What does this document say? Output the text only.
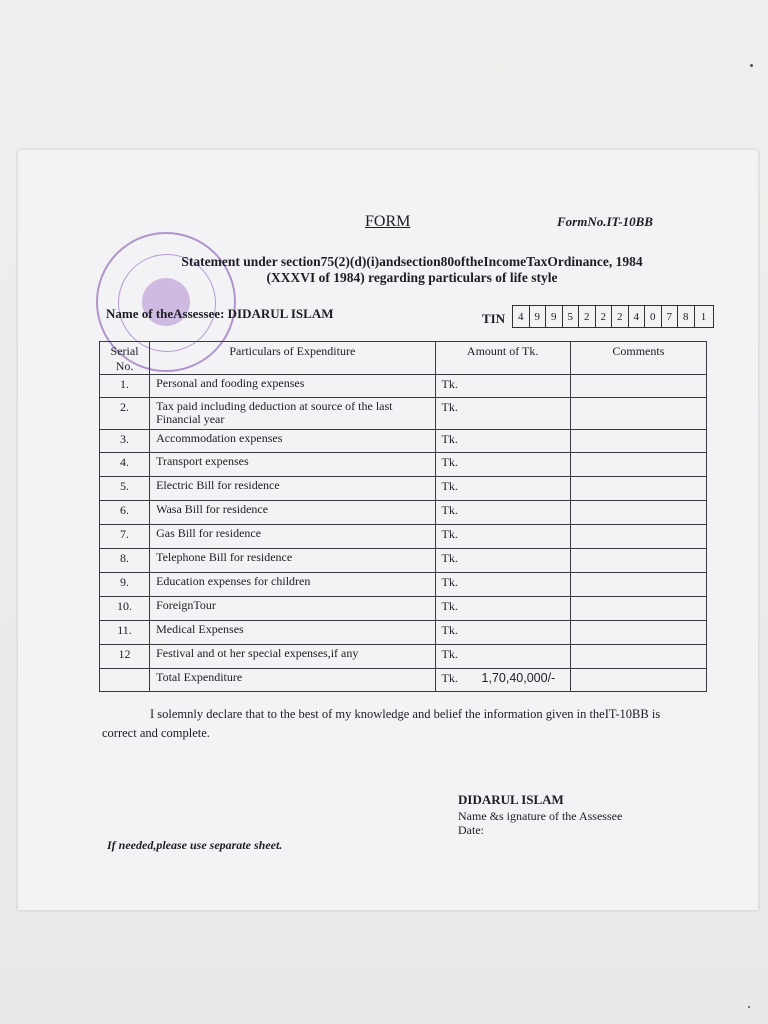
FORM	FormNo.IT-10BB
Statement under section75(2)(d)(i)andsection80oftheIncomeTaxOrdinance, 1984
(XXXVI of 1984) regarding particulars of life style
Name of theAssessee: DIDARUL ISLAM	TIN	4	9	9	5	2	2	2	4	0	7	8	1
Serial No.	Particulars of Expenditure	Amount of Tk.	Comments
1.	Personal and fooding expenses	Tk.	
2.	Tax paid including deduction at source of the last Financial year	Tk.	
3.	Accommodation expenses	Tk.	
4.	Transport expenses	Tk.	
5.	Electric Bill for residence	Tk.	
6.	Wasa Bill for residence	Tk.	
7.	Gas Bill for residence	Tk.	
8.	Telephone Bill for residence	Tk.	
9.	Education expenses for children	Tk.	
10.	ForeignTour	Tk.	
11.	Medical Expenses	Tk.	
12	Festival and ot her special expenses,if any	Tk.	
	Total Expenditure	Tk. 1,70,40,000/-	
I solemnly declare that to the best of my knowledge and belief the information given in theIT-10BB is correct and complete.
DIDARUL ISLAM
Name &s ignature of the Assessee
Date:
If needed,please use separate sheet.
